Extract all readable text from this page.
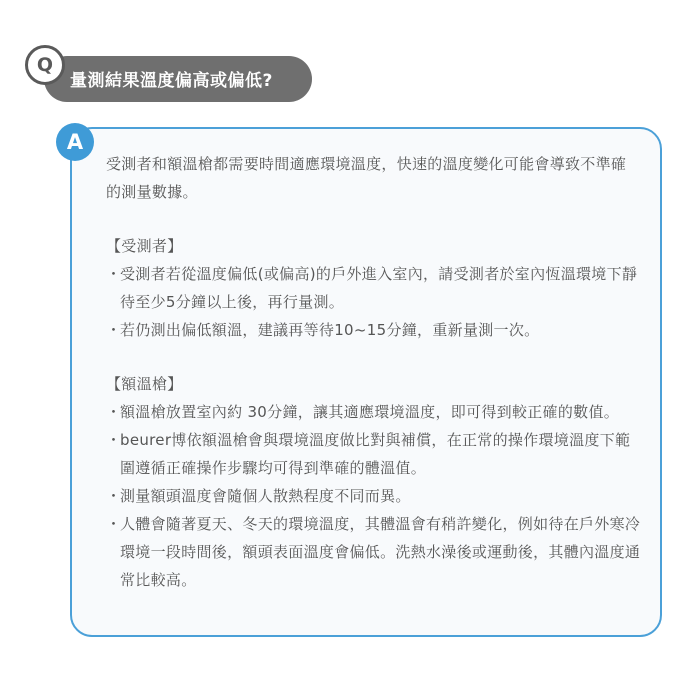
Q
量測結果溫度偏高或偏低?
A

受測者和額溫槍都需要時間適應環境溫度，快速的溫度變化可能會導致不準確的測量數據。

【受測者】

・受測者若從溫度偏低(或偏高)的戶外進入室內，請受測者於室內恆溫環境下靜待至少5分鐘以上後，再行量測。

・若仍測出偏低額溫，建議再等待10~15分鐘，重新量測一次。

【額溫槍】

・額溫槍放置室內約 30分鐘，讓其適應環境溫度，即可得到較正確的數值。

・beurer博依額溫槍會與環境溫度做比對與補償，在正常的操作環境溫度下範圍遵循正確操作步驟均可得到準確的體溫值。

・測量額頭溫度會隨個人散熱程度不同而異。

・人體會隨著夏天、冬天的環境溫度，其體溫會有稍許變化，例如待在戶外寒冷環境一段時間後，額頭表面溫度會偏低。洗熱水澡後或運動後，其體內溫度通常比較高。
